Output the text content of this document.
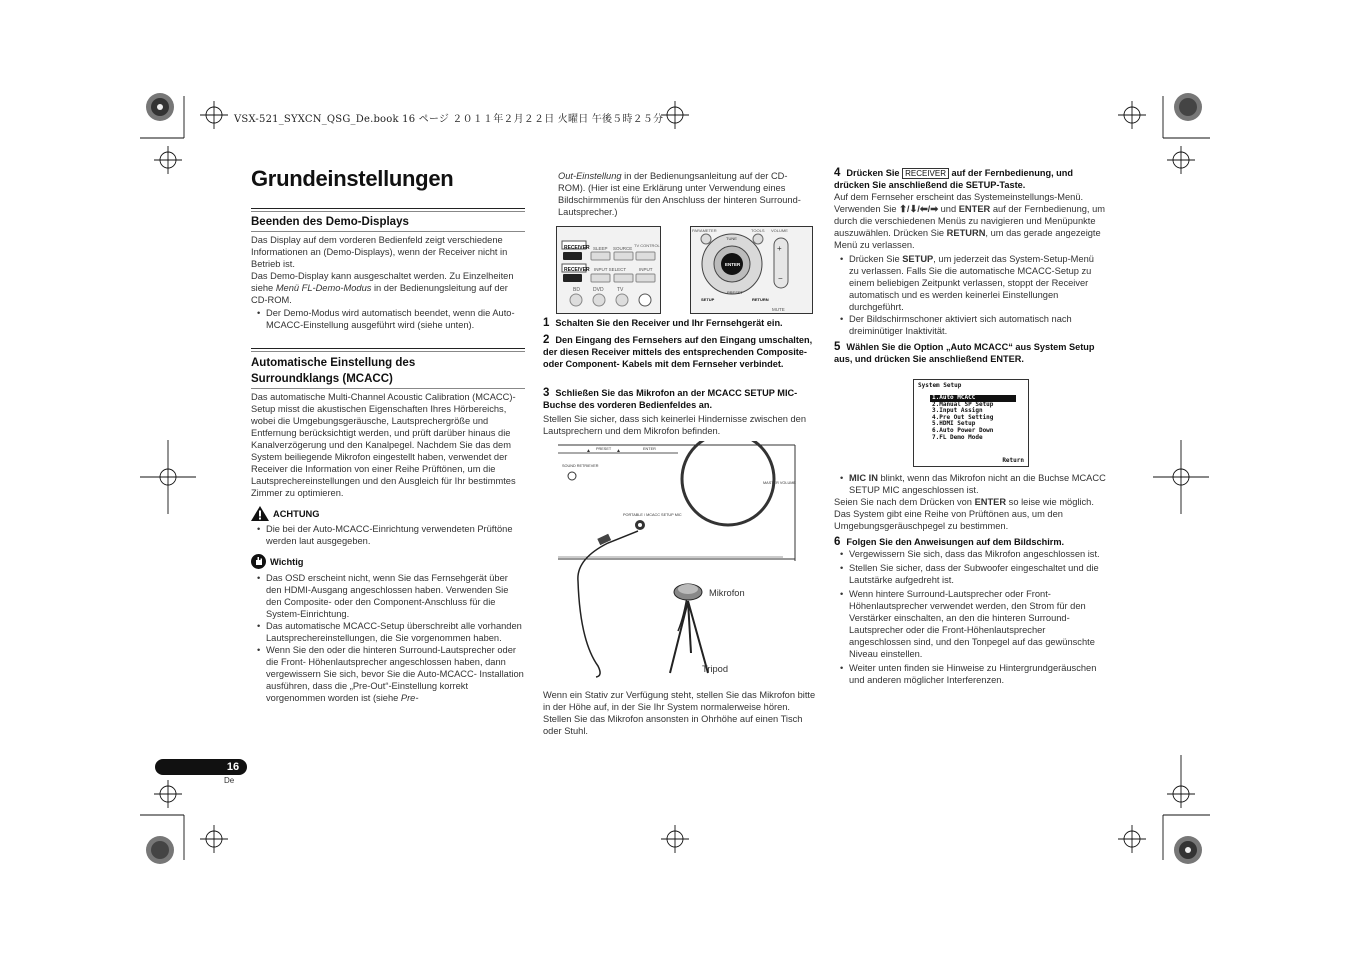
VSX-521_SYXCN_QSG_De.book 16 ページ ２０１１年２月２２日 火曜日 午後５時２５分
Grundeinstellungen
Beenden des Demo-Displays
Das Display auf dem vorderen Bedienfeld zeigt verschiedene Informationen an (Demo-Displays), wenn der Receiver nicht in Betrieb ist.
Das Demo-Display kann ausgeschaltet werden. Zu Einzelheiten siehe Menü FL-Demo-Modus in der Bedienungsleitung auf der CD-ROM.
• Der Demo-Modus wird automatisch beendet, wenn die Auto-MCACC-Einstellung ausgeführt wird (siehe unten).
Automatische Einstellung des
Surroundklangs (MCACC)
Das automatische Multi-Channel Acoustic Calibration (MCACC)-Setup misst die akustischen Eigenschaften Ihres Hörbereichs, wobei die Umgebungsgeräusche, Lautsprechergröße und Entfernung berücksichtigt werden, und prüft darüber hinaus die Kanalverzögerung und den Kanalpegel. Nachdem Sie das dem System beiliegende Mikrofon eingestellt haben, verwendet der Receiver die Information von einer Reihe Prüftönen, um die Lautsprechereinstellungen und den Ausgleich für Ihr bestimmtes Zimmer zu optimieren.
ACHTUNG
• Die bei der Auto-MCACC-Einrichtung verwendeten Prüftöne werden laut ausgegeben.
Wichtig
• Das OSD erscheint nicht, wenn Sie das Fernsehgerät über den HDMI-Ausgang angeschlossen haben. Verwenden Sie den Composite- oder den Component-Anschluss für die System-Einrichtung.
• Das automatische MCACC-Setup überschreibt alle vorhanden Lautsprechereinstellungen, die Sie vorgenommen haben.
• Wenn Sie den oder die hinteren Surround-Lautsprecher oder die Front- Höhenlautsprecher angeschlossen haben, dann vergewissern Sie sich, bevor Sie die Auto-MCACC- Installation ausführen, dass die „Pre-Out“-Einstellung korrekt vorgenommen worden ist (siehe Pre-
Out-Einstellung in der Bedienungsanleitung auf der CD-ROM). (Hier ist eine Erklärung unter Verwendung eines Bildschirmmenüs für den Anschluss der hinteren Surround-Lautsprecher.)
RECEIVER SLEEP SOURCE
TV CONTROL
RECEIVER INPUT SELECT	INPUT
BD	DVD	TV
PARAMETER	TOOLS VOLUME
ENTER
TUNE
PRESET
SETUP	RETURN
+
−
MUTE
1 Schalten Sie den Receiver und Ihr Fernsehgerät ein.
2 Den Eingang des Fernsehers auf den Eingang umschalten, der diesen Receiver mittels des entsprechenden Composite- oder Component- Kabels mit dem Fernseher verbindet.
3 Schließen Sie das Mikrofon an der MCACC SETUP MIC-Buchse des vorderen Bedienfeldes an.
Stellen Sie sicher, dass sich keinerlei Hindernisse zwischen den Lautsprechern und dem Mikrofon befinden.
▲ PRESET ▲	ENTER
SOUND RETRIEVER
PORTABLE / MCACC SETUP MIC
MASTER VOLUME
Mikrofon
Tripod
Wenn ein Stativ zur Verfügung steht, stellen Sie das Mikrofon bitte in der Höhe auf, in der Sie Ihr System normalerweise hören. Stellen Sie das Mikrofon ansonsten in Ohrhöhe auf einen Tisch oder Stuhl.
4 Drücken Sie RECEIVER auf der Fernbedienung, und drücken Sie anschließend die SETUP-Taste.
Auf dem Fernseher erscheint das Systemeinstellungs-Menü. Verwenden Sie ⬆/⬇/⬅/➡ und ENTER auf der Fernbedienung, um durch die verschiedenen Menüs zu navigieren und Menüpunkte auszuwählen. Drücken Sie RETURN, um das gerade angezeigte Menü zu verlassen.
• Drücken Sie SETUP, um jederzeit das System-Setup-Menü zu verlassen. Falls Sie die automatische MCACC-Setup zu einem beliebigen Zeitpunkt verlassen, stoppt der Receiver automatisch und es werden keinerlei Einstellungen durchgeführt.
• Der Bildschirmschoner aktiviert sich automatisch nach dreiminütiger Inaktivität.
5 Wählen Sie die Option „Auto MCACC“ aus System Setup aus, und drücken Sie anschließend ENTER.
System Setup
1.Auto MCACC
2.Manual SP Setup
3.Input Assign
4.Pre Out Setting
5.HDMI Setup
6.Auto Power Down
7.FL Demo Mode
Return
• MIC IN blinkt, wenn das Mikrofon nicht an die Buchse MCACC SETUP MIC angeschlossen ist.
Seien Sie nach dem Drücken von ENTER so leise wie möglich. Das System gibt eine Reihe von Prüftönen aus, um den Umgebungsgeräuschpegel zu bestimmen.
6 Folgen Sie den Anweisungen auf dem Bildschirm.
• Vergewissern Sie sich, dass das Mikrofon angeschlossen ist.
• Stellen Sie sicher, dass der Subwoofer eingeschaltet und die Lautstärke aufgedreht ist.
• Wenn hintere Surround-Lautsprecher oder Front-Höhenlautsprecher verwendet werden, den Strom für den Verstärker einschalten, an den die hinteren Surround-Lautsprecher oder die Front-Höhenlautsprecher angeschlossen sind, und den Tonpegel auf das gewünschte Niveau einstellen.
• Weiter unten finden sie Hinweise zu Hintergrundgeräuschen und anderen möglicher Interferenzen.
16
De
